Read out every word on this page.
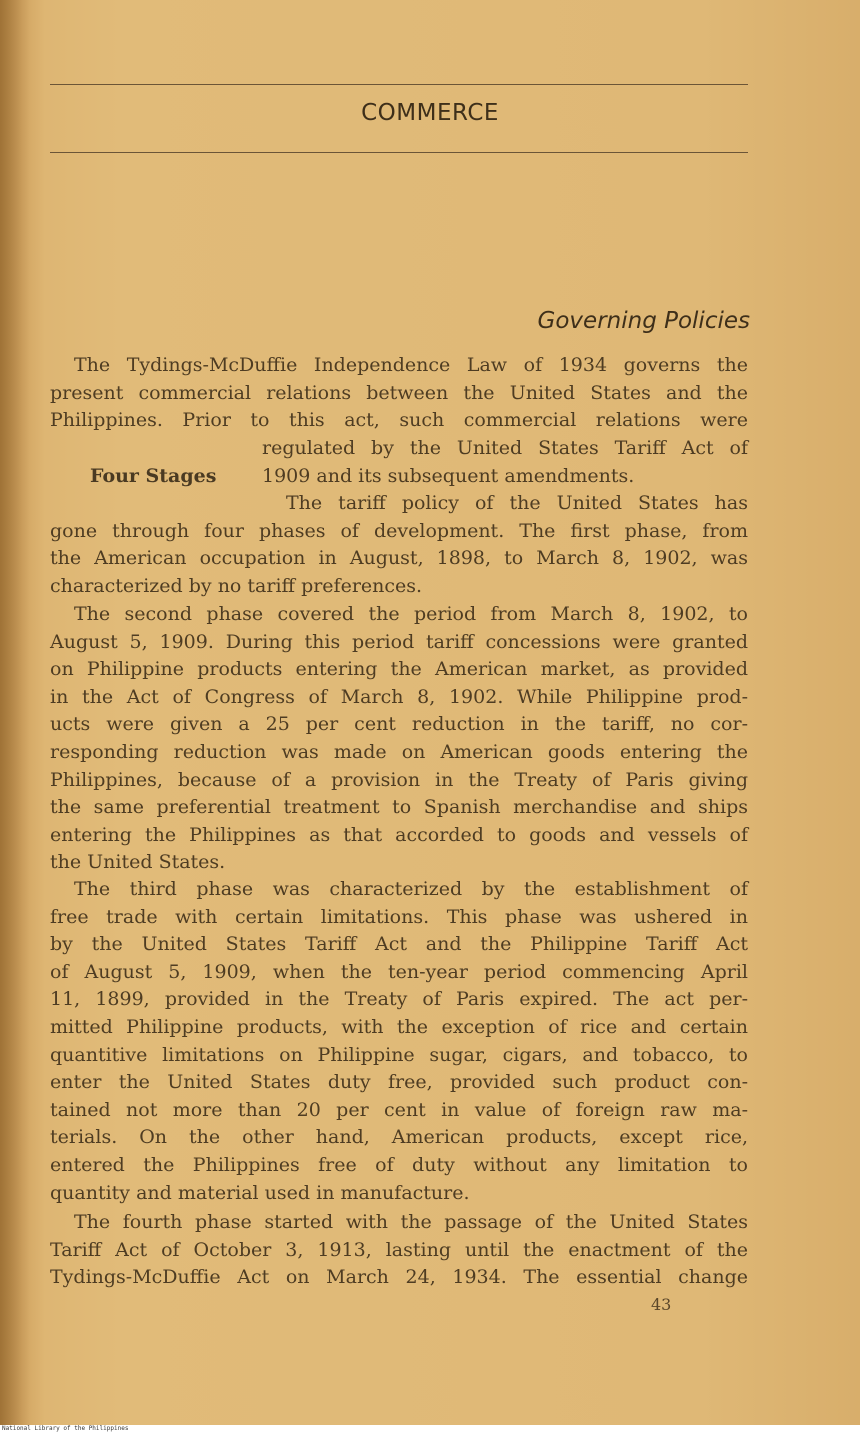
COMMERCE
Governing Policies
The Tydings-McDuffie Independence Law of 1934 governs the
present commercial relations between the United States and the
Philippines. Prior to this act, such commercial relations were
Four Stages
regulated by the United States Tariff Act of
1909 and its subsequent amendments.
The tariff policy of the United States has
gone through four phases of development. The first phase, from
the American occupation in August, 1898, to March 8, 1902, was
characterized by no tariff preferences.
The second phase covered the period from March 8, 1902, to
August 5, 1909. During this period tariff concessions were granted
on Philippine products entering the American market, as provided
in the Act of Congress of March 8, 1902. While Philippine prod-
ucts were given a 25 per cent reduction in the tariff, no cor-
responding reduction was made on American goods entering the
Philippines, because of a provision in the Treaty of Paris giving
the same preferential treatment to Spanish merchandise and ships
entering the Philippines as that accorded to goods and vessels of
the United States.
The third phase was characterized by the establishment of
free trade with certain limitations. This phase was ushered in
by the United States Tariff Act and the Philippine Tariff Act
of August 5, 1909, when the ten-year period commencing April
11, 1899, provided in the Treaty of Paris expired. The act per-
mitted Philippine products, with the exception of rice and certain
quantitive limitations on Philippine sugar, cigars, and tobacco, to
enter the United States duty free, provided such product con-
tained not more than 20 per cent in value of foreign raw ma-
terials. On the other hand, American products, except rice,
entered the Philippines free of duty without any limitation to
quantity and material used in manufacture.
The fourth phase started with the passage of the United States
Tariff Act of October 3, 1913, lasting until the enactment of the
Tydings-McDuffie Act on March 24, 1934. The essential change
43
National Library of the Philippines
